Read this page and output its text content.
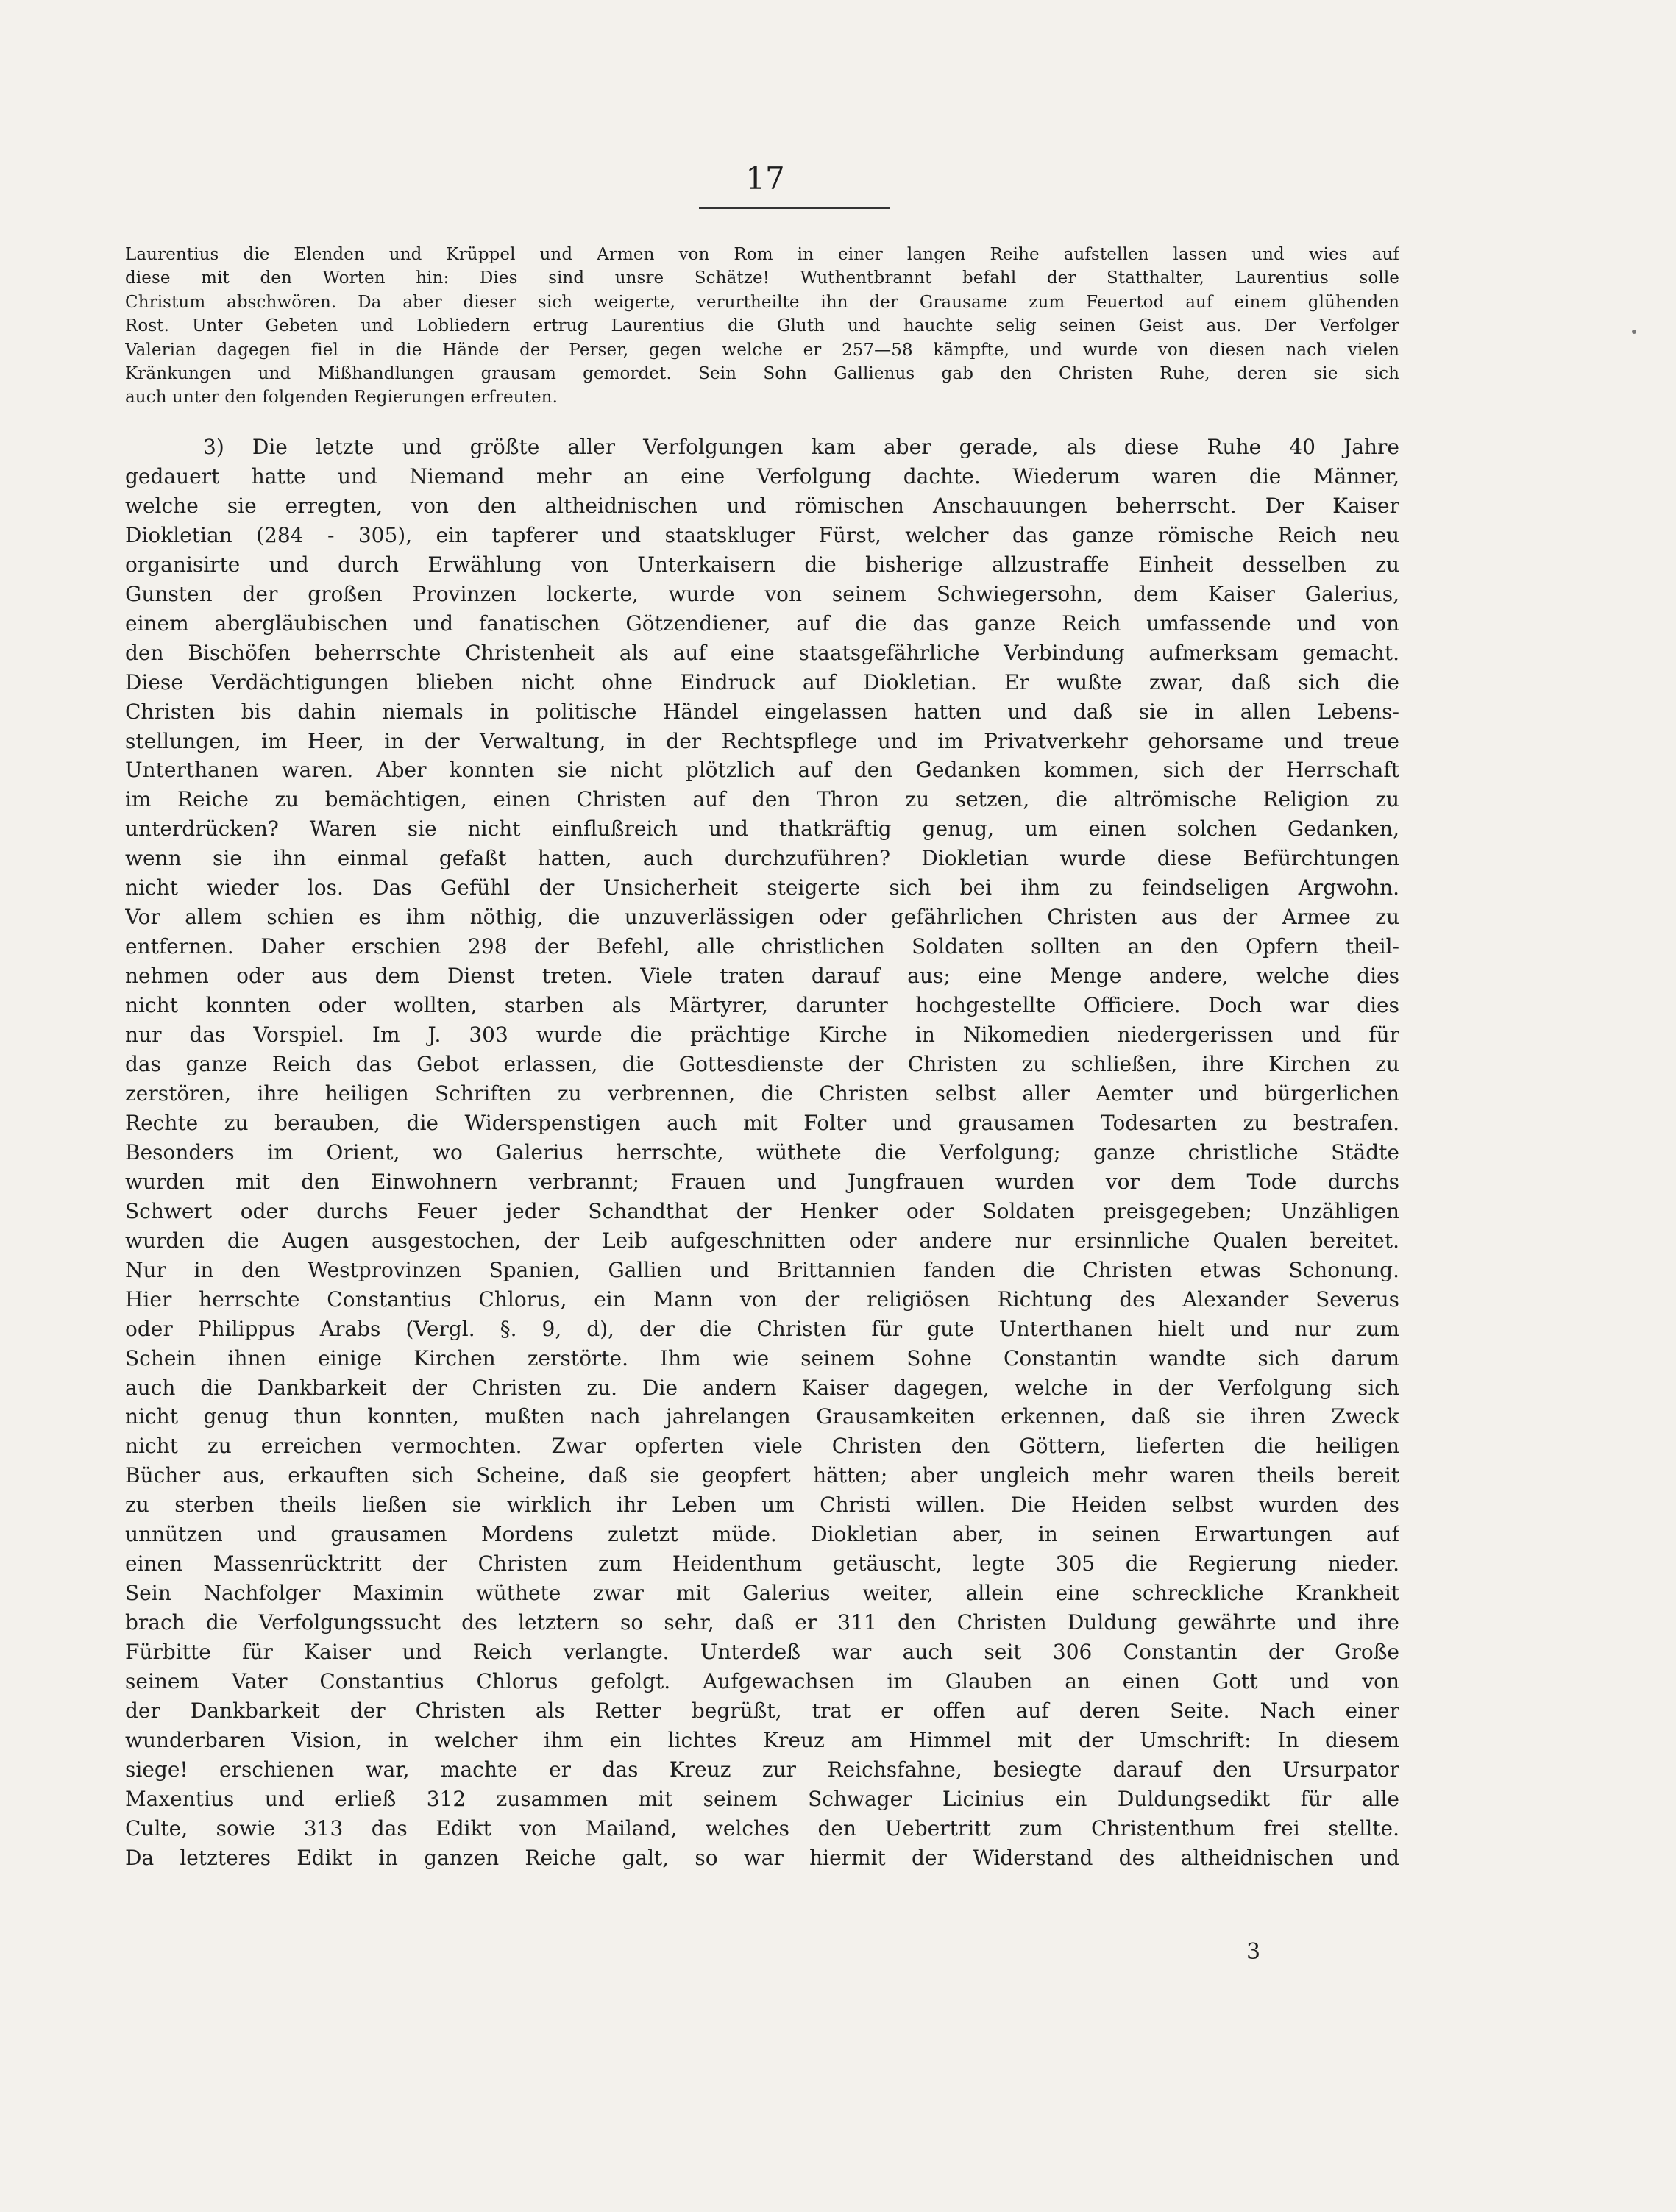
17
Laurentius die Elenden und Krüppel und Armen von Rom in einer langen Reihe aufstellen lassen und wies auf
diese mit den Worten hin: Dies sind unsre Schätze! Wuthentbrannt befahl der Statthalter, Laurentius solle
Christum abschwören. Da aber dieser sich weigerte, verurtheilte ihn der Grausame zum Feuertod auf einem glühenden
Rost. Unter Gebeten und Lobliedern ertrug Laurentius die Gluth und hauchte selig seinen Geist aus. Der Verfolger
Valerian dagegen fiel in die Hände der Perser, gegen welche er 257—58 kämpfte, und wurde von diesen nach vielen
Kränkungen und Mißhandlungen grausam gemordet. Sein Sohn Gallienus gab den Christen Ruhe, deren sie sich
auch unter den folgenden Regierungen erfreuten.
3) Die letzte und größte aller Verfolgungen kam aber gerade, als diese Ruhe 40 Jahre
gedauert hatte und Niemand mehr an eine Verfolgung dachte. Wiederum waren die Männer,
welche sie erregten, von den altheidnischen und römischen Anschauungen beherrscht. Der Kaiser
Diokletian (284 - 305), ein tapferer und staatskluger Fürst, welcher das ganze römische Reich neu
organisirte und durch Erwählung von Unterkaisern die bisherige allzustraffe Einheit desselben zu
Gunsten der großen Provinzen lockerte, wurde von seinem Schwiegersohn, dem Kaiser Galerius,
einem abergläubischen und fanatischen Götzendiener, auf die das ganze Reich umfassende und von
den Bischöfen beherrschte Christenheit als auf eine staatsgefährliche Verbindung aufmerksam gemacht.
Diese Verdächtigungen blieben nicht ohne Eindruck auf Diokletian. Er wußte zwar, daß sich die
Christen bis dahin niemals in politische Händel eingelassen hatten und daß sie in allen Lebens-
stellungen, im Heer, in der Verwaltung, in der Rechtspflege und im Privatverkehr gehorsame und treue
Unterthanen waren. Aber konnten sie nicht plötzlich auf den Gedanken kommen, sich der Herrschaft
im Reiche zu bemächtigen, einen Christen auf den Thron zu setzen, die altrömische Religion zu
unterdrücken? Waren sie nicht einflußreich und thatkräftig genug, um einen solchen Gedanken,
wenn sie ihn einmal gefaßt hatten, auch durchzuführen? Diokletian wurde diese Befürchtungen
nicht wieder los. Das Gefühl der Unsicherheit steigerte sich bei ihm zu feindseligen Argwohn.
Vor allem schien es ihm nöthig, die unzuverlässigen oder gefährlichen Christen aus der Armee zu
entfernen. Daher erschien 298 der Befehl, alle christlichen Soldaten sollten an den Opfern theil-
nehmen oder aus dem Dienst treten. Viele traten darauf aus; eine Menge andere, welche dies
nicht konnten oder wollten, starben als Märtyrer, darunter hochgestellte Officiere. Doch war dies
nur das Vorspiel. Im J. 303 wurde die prächtige Kirche in Nikomedien niedergerissen und für
das ganze Reich das Gebot erlassen, die Gottesdienste der Christen zu schließen, ihre Kirchen zu
zerstören, ihre heiligen Schriften zu verbrennen, die Christen selbst aller Aemter und bürgerlichen
Rechte zu berauben, die Widerspenstigen auch mit Folter und grausamen Todesarten zu bestrafen.
Besonders im Orient, wo Galerius herrschte, wüthete die Verfolgung; ganze christliche Städte
wurden mit den Einwohnern verbrannt; Frauen und Jungfrauen wurden vor dem Tode durchs
Schwert oder durchs Feuer jeder Schandthat der Henker oder Soldaten preisgegeben; Unzähligen
wurden die Augen ausgestochen, der Leib aufgeschnitten oder andere nur ersinnliche Qualen bereitet.
Nur in den Westprovinzen Spanien, Gallien und Brittannien fanden die Christen etwas Schonung.
Hier herrschte Constantius Chlorus, ein Mann von der religiösen Richtung des Alexander Severus
oder Philippus Arabs (Vergl. §. 9, d), der die Christen für gute Unterthanen hielt und nur zum
Schein ihnen einige Kirchen zerstörte. Ihm wie seinem Sohne Constantin wandte sich darum
auch die Dankbarkeit der Christen zu. Die andern Kaiser dagegen, welche in der Verfolgung sich
nicht genug thun konnten, mußten nach jahrelangen Grausamkeiten erkennen, daß sie ihren Zweck
nicht zu erreichen vermochten. Zwar opferten viele Christen den Göttern, lieferten die heiligen
Bücher aus, erkauften sich Scheine, daß sie geopfert hätten; aber ungleich mehr waren theils bereit
zu sterben theils ließen sie wirklich ihr Leben um Christi willen. Die Heiden selbst wurden des
unnützen und grausamen Mordens zuletzt müde. Diokletian aber, in seinen Erwartungen auf
einen Massenrücktritt der Christen zum Heidenthum getäuscht, legte 305 die Regierung nieder.
Sein Nachfolger Maximin wüthete zwar mit Galerius weiter, allein eine schreckliche Krankheit
brach die Verfolgungssucht des letztern so sehr, daß er 311 den Christen Duldung gewährte und ihre
Fürbitte für Kaiser und Reich verlangte. Unterdeß war auch seit 306 Constantin der Große
seinem Vater Constantius Chlorus gefolgt. Aufgewachsen im Glauben an einen Gott und von
der Dankbarkeit der Christen als Retter begrüßt, trat er offen auf deren Seite. Nach einer
wunderbaren Vision, in welcher ihm ein lichtes Kreuz am Himmel mit der Umschrift: In diesem
siege! erschienen war, machte er das Kreuz zur Reichsfahne, besiegte darauf den Ursurpator
Maxentius und erließ 312 zusammen mit seinem Schwager Licinius ein Duldungsedikt für alle
Culte, sowie 313 das Edikt von Mailand, welches den Uebertritt zum Christenthum frei stellte.
Da letzteres Edikt in ganzen Reiche galt, so war hiermit der Widerstand des altheidnischen und
3
